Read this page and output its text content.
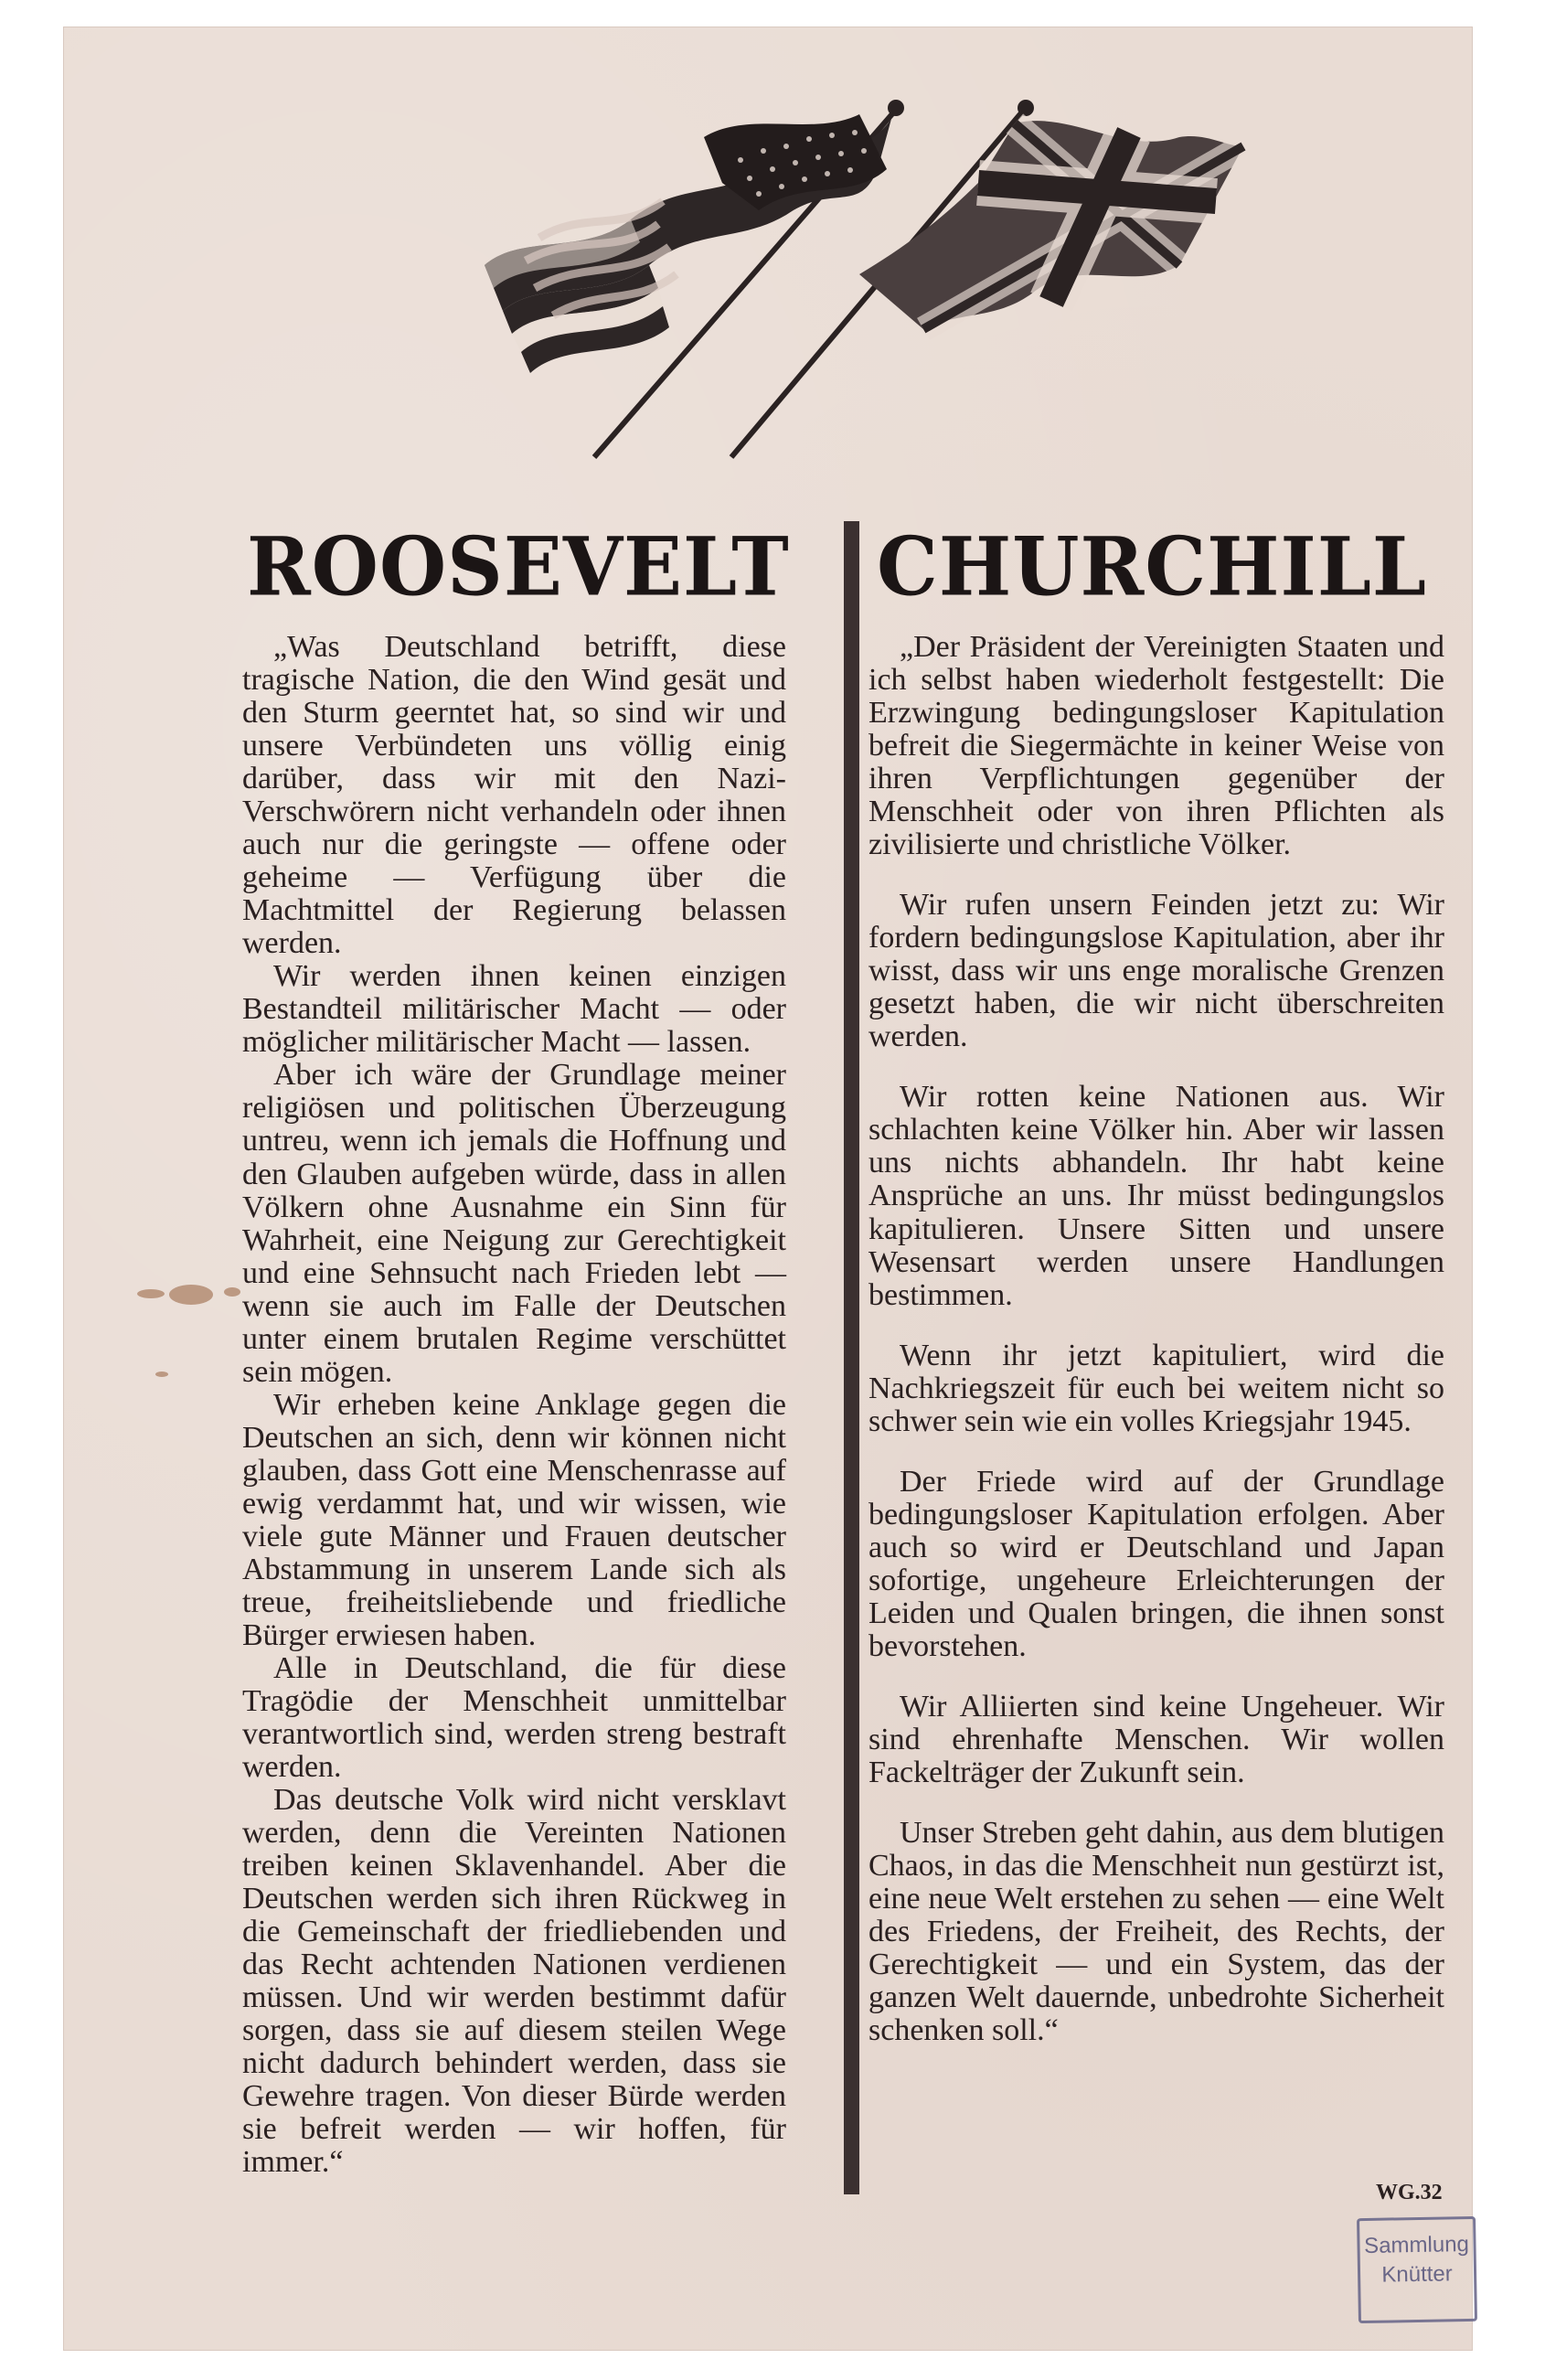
ROOSEVELT CHURCHILL

„Was Deutschland betrifft, diese tragische Nation, die den Wind gesät und den Sturm geerntet hat, so sind wir und unsere Verbündeten uns völlig einig darüber, dass wir mit den Nazi-Verschwörern nicht verhandeln oder ihnen auch nur die geringste — offene oder geheime — Verfügung über die Machtmittel der Regierung belassen werden.

Wir werden ihnen keinen einzigen Bestandteil militärischer Macht — oder möglicher militärischer Macht — lassen.

Aber ich wäre der Grundlage meiner religiösen und politischen Überzeugung untreu, wenn ich jemals die Hoffnung und den Glauben aufgeben würde, dass in allen Völkern ohne Ausnahme ein Sinn für Wahrheit, eine Neigung zur Gerechtigkeit und eine Sehnsucht nach Frieden lebt — wenn sie auch im Falle der Deutschen unter einem brutalen Regime verschüttet sein mögen.

Wir erheben keine Anklage gegen die Deutschen an sich, denn wir können nicht glauben, dass Gott eine Menschenrasse auf ewig verdammt hat, und wir wissen, wie viele gute Männer und Frauen deutscher Abstammung in unserem Lande sich als treue, freiheitsliebende und friedliche Bürger erwiesen haben.

Alle in Deutschland, die für diese Tragödie der Menschheit unmittelbar verantwortlich sind, werden streng bestraft werden.

Das deutsche Volk wird nicht versklavt werden, denn die Vereinten Nationen treiben keinen Sklavenhandel. Aber die Deutschen werden sich ihren Rückweg in die Gemeinschaft der friedliebenden und das Recht achtenden Nationen verdienen müssen. Und wir werden bestimmt dafür sorgen, dass sie auf diesem steilen Wege nicht dadurch behindert werden, dass sie Gewehre tragen. Von dieser Bürde werden sie befreit werden — wir hoffen, für immer.“

„Der Präsident der Vereinigten Staaten und ich selbst haben wiederholt festgestellt: Die Erzwingung bedingungsloser Kapitulation befreit die Siegermächte in keiner Weise von ihren Verpflichtungen gegenüber der Menschheit oder von ihren Pflichten als zivilisierte und christliche Völker.

Wir rufen unsern Feinden jetzt zu: Wir fordern bedingungslose Kapitulation, aber ihr wisst, dass wir uns enge moralische Grenzen gesetzt haben, die wir nicht überschreiten werden.

Wir rotten keine Nationen aus. Wir schlachten keine Völker hin. Aber wir lassen uns nichts abhandeln. Ihr habt keine Ansprüche an uns. Ihr müsst bedingungslos kapitulieren. Unsere Sitten und unsere Wesensart werden unsere Handlungen bestimmen.

Wenn ihr jetzt kapituliert, wird die Nachkriegszeit für euch bei weitem nicht so schwer sein wie ein volles Kriegsjahr 1945.

Der Friede wird auf der Grundlage bedingungsloser Kapitulation erfolgen. Aber auch so wird er Deutschland und Japan sofortige, ungeheure Erleichterungen der Leiden und Qualen bringen, die ihnen sonst bevorstehen.

Wir Alliierten sind keine Ungeheuer. Wir sind ehrenhafte Menschen. Wir wollen Fackelträger der Zukunft sein.

Unser Streben geht dahin, aus dem blutigen Chaos, in das die Menschheit nun gestürzt ist, eine neue Welt erstehen zu sehen — eine Welt des Friedens, der Freiheit, des Rechts, der Gerechtigkeit — und ein System, das der ganzen Welt dauernde, unbedrohte Sicherheit schenken soll.“

WG.32
Sammlung
Knütter
